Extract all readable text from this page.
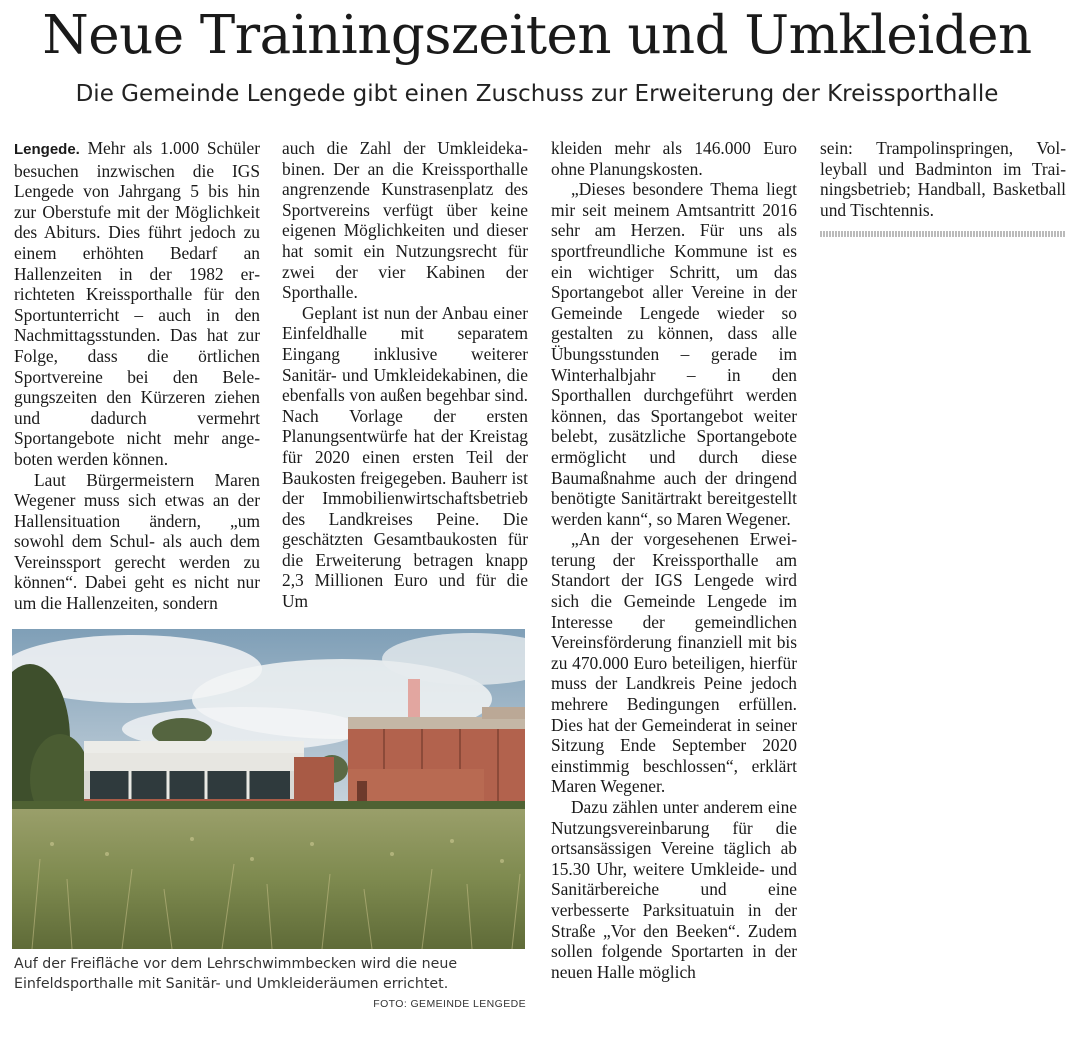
Neue Trainingszeiten und Umkleiden
Die Gemeinde Lengede gibt einen Zuschuss zur Erweiterung der Kreissporthalle

Lengede. Mehr als 1.000 Schüler besuchen inzwischen die IGS Lengede von Jahrgang 5 bis hin zur Oberstufe mit der Möglichkeit des Abiturs. Dies führt jedoch zu einem erhöhten Bedarf an Hallenzeiten in der 1982 errichteten Kreissporthalle für den Sportunterricht – auch in den Nachmittagsstunden. Das hat zur Folge, dass die örtlichen Sportvereine bei den Belegungszeiten den Kürzeren ziehen und dadurch vermehrt Sportangebote nicht mehr angeboten werden können.

Laut Bürgermeistern Maren Wegener muss sich etwas an der Hallensituation ändern, „um sowohl dem Schul- als auch dem Vereinssport gerecht werden zu können“. Dabei geht es nicht nur um die Hallenzeiten, sondern

auch die Zahl der Umkleidekabinen. Der an die Kreissporthalle angrenzende Kunstrasenplatz des Sportvereins verfügt über keine eigenen Möglichkeiten und dieser hat somit ein Nutzungsrecht für zwei der vier Kabinen der Sporthalle.

Geplant ist nun der Anbau einer Einfeldhalle mit separatem Eingang inklusive weiterer Sanitär- und Umkleidekabinen, die ebenfalls von außen begehbar sind. Nach Vorlage der ersten Planungsentwürfe hat der Kreistag für 2020 einen ersten Teil der Baukosten freigegeben. Bauherr ist der Immobilienwirtschaftsbetrieb des Landkreises Peine. Die geschätzten Gesamtbaukosten für die Erweiterung betragen knapp 2,3 Millionen Euro und für die Um

kleiden mehr als 146.000 Euro ohne Planungskosten.

„Dieses besondere Thema liegt mir seit meinem Amtsantritt 2016 sehr am Herzen. Für uns als sportfreundliche Kommune ist es ein wichtiger Schritt, um das Sportangebot aller Vereine in der Gemeinde Lengede wieder so gestalten zu können, dass alle Übungsstunden – gerade im Winterhalbjahr – in den Sporthallen durchgeführt werden können, das Sportangebot weiter belebt, zusätzliche Sportangebote ermöglicht und durch diese Baumaßnahme auch der dringend benötigte Sanitärtrakt bereitgestellt werden kann“, so Maren Wegener.

„An der vorgesehenen Erweiterung der Kreissporthalle am Standort der IGS Lengede wird sich die Gemeinde Lengede im Interesse der gemeindlichen Vereinsförderung finanziell mit bis zu 470.000 Euro beteiligen, hierfür muss der Landkreis Peine jedoch mehrere Bedingungen erfüllen. Dies hat der Gemeinderat in seiner Sitzung Ende September 2020 einstimmig beschlossen“, erklärt Maren Wegener.

Dazu zählen unter anderem eine Nutzungsvereinbarung für die ortsansässigen Vereine täglich ab 15.30 Uhr, weitere Umkleide- und Sanitärbereiche und eine verbesserte Parksituatuin in der Straße „Vor den Beeken“. Zudem sollen folgende Sportarten in der neuen Halle möglich

sein: Trampolinspringen, Volleyball und Badminton im Trainingsbetrieb; Handball, Basketball und Tischtennis.

Auf der Freifläche vor dem Lehrschwimmbecken wird die neue Einfeldsporthalle mit Sanitär- und Umkleideräumen errichtet.

FOTO: GEMEINDE LENGEDE
